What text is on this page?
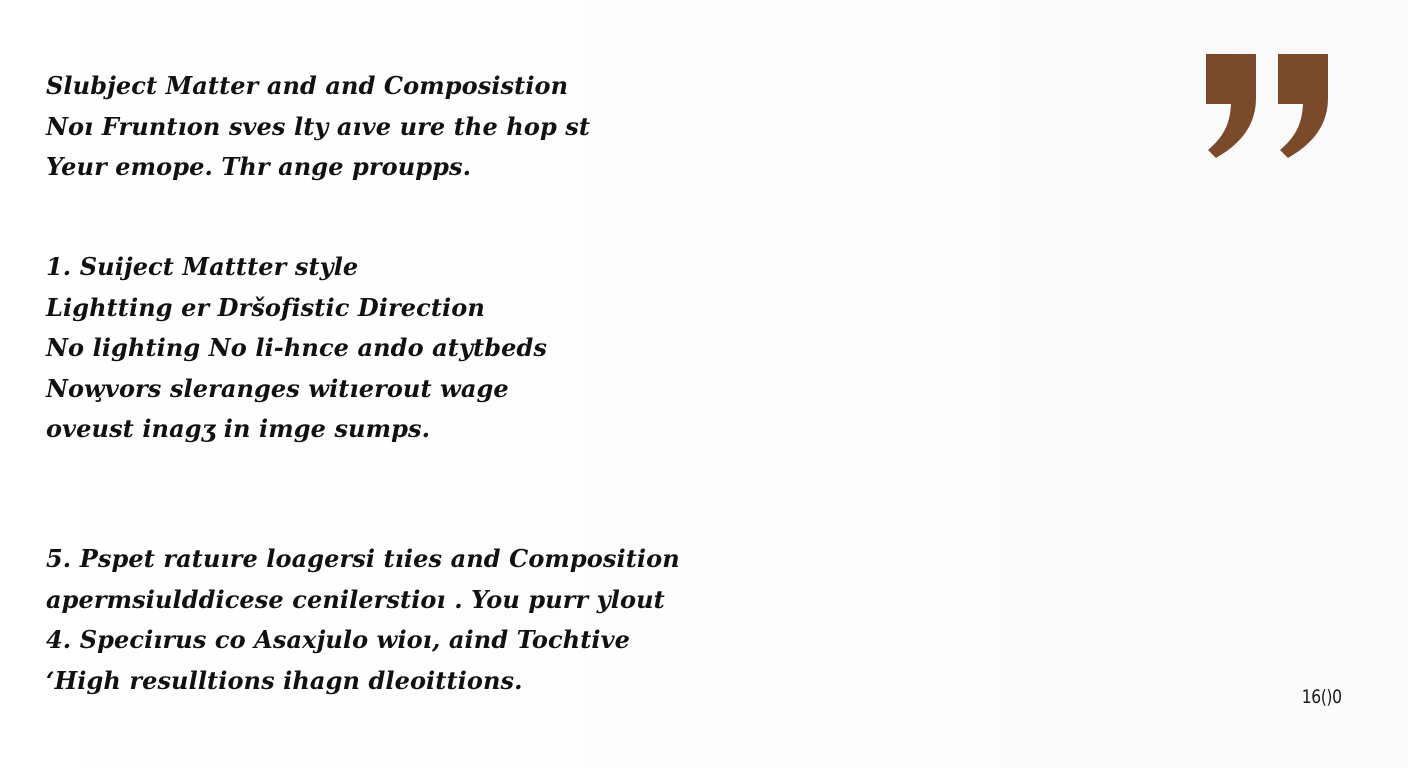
Slubject Matter and and Composistion
Noı Fruntıon sves lty aıve ure the hop st
Yeur emope. Thr ange proupps.
1. Suiject Mattter style
Lightting er Dršofistic Direction
No lighting No li-hnce ando atytbeds
Now̧vors sleranges witıerout wage
oveust inagʒ in imge sumps.
5. Pspet ratuıre loagersi tıies and Composition
apermsiulddicese cenilerstioı . You purr ylout
4. Speciırus co Asaxjulo wioı, aind Tochtive
ʻHigh resulltions ihagn dleoittions.
16()0
